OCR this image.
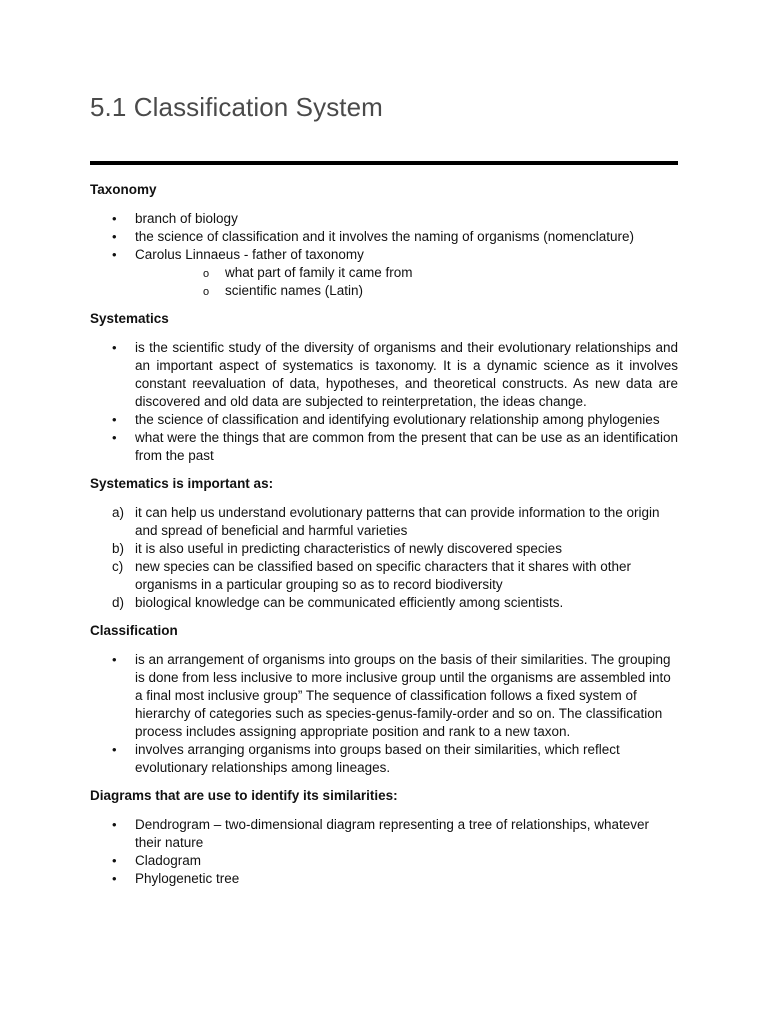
5.1 Classification System
Taxonomy
• branch of biology
• the science of classification and it involves the naming of organisms (nomenclature)
• Carolus Linnaeus - father of taxonomy
o what part of family it came from
o scientific names (Latin)
Systematics
• is the scientific study of the diversity of organisms and their evolutionary relationships and an important aspect of systematics is taxonomy. It is a dynamic science as it involves constant reevaluation of data, hypotheses, and theoretical constructs. As new data are discovered and old data are subjected to reinterpretation, the ideas change.
• the science of classification and identifying evolutionary relationship among phylogenies
• what were the things that are common from the present that can be use as an identification from the past
Systematics is important as:
a) it can help us understand evolutionary patterns that can provide information to the origin and spread of beneficial and harmful varieties
b) it is also useful in predicting characteristics of newly discovered species
c) new species can be classified based on specific characters that it shares with other organisms in a particular grouping so as to record biodiversity
d) biological knowledge can be communicated efficiently among scientists.
Classification
• is an arrangement of organisms into groups on the basis of their similarities. The grouping is done from less inclusive to more inclusive group until the organisms are assembled into a final most inclusive group” The sequence of classification follows a fixed system of hierarchy of categories such as species-genus-family-order and so on. The classification process includes assigning appropriate position and rank to a new taxon.
• involves arranging organisms into groups based on their similarities, which reflect evolutionary relationships among lineages.
Diagrams that are use to identify its similarities:
• Dendrogram – two-dimensional diagram representing a tree of relationships, whatever their nature
• Cladogram
• Phylogenetic tree
